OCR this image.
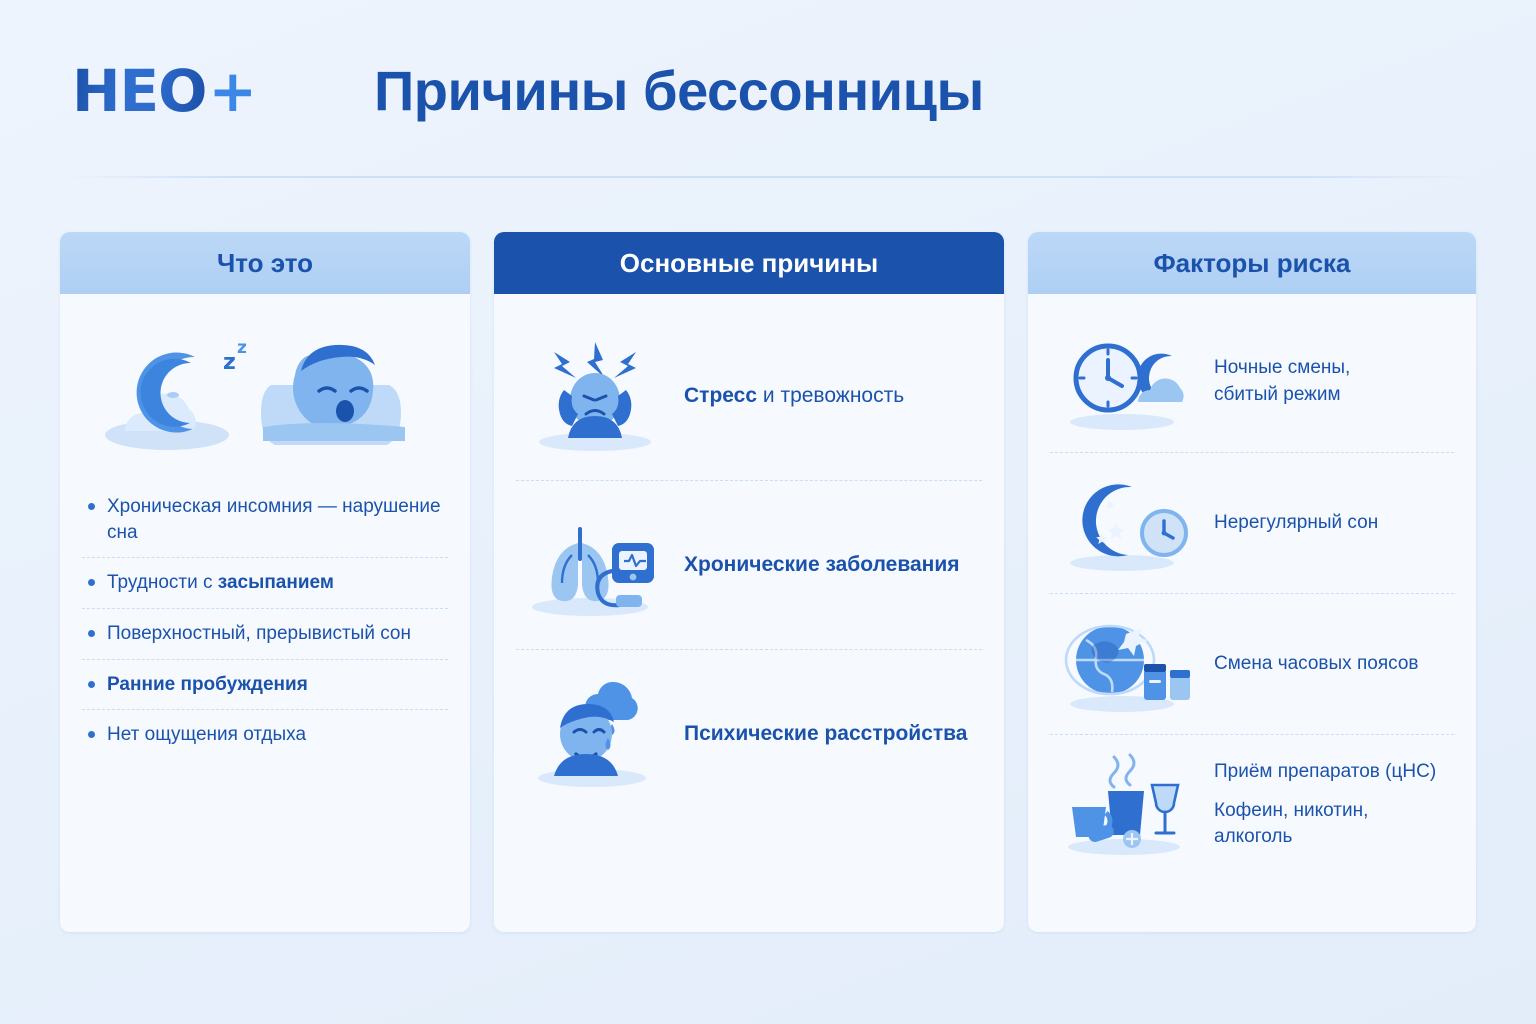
HEO + Причины бессонницы
Что это
z
z
Хроническая инсомния — нарушение сна
Трудности с засыпанием
Поверхностный, прерывистый сон
Ранние пробуждения
Нет ощущения отдыха
Основные причины
Стресс и тревожность
Хронические заболевания
Психические расстройства
Факторы риска
Ночные смены,
сбитый режим
Нерегулярный сон
Смена часовых поясов
Приём препаратов (цНС)
Кофеин, никотин,
алкоголь
